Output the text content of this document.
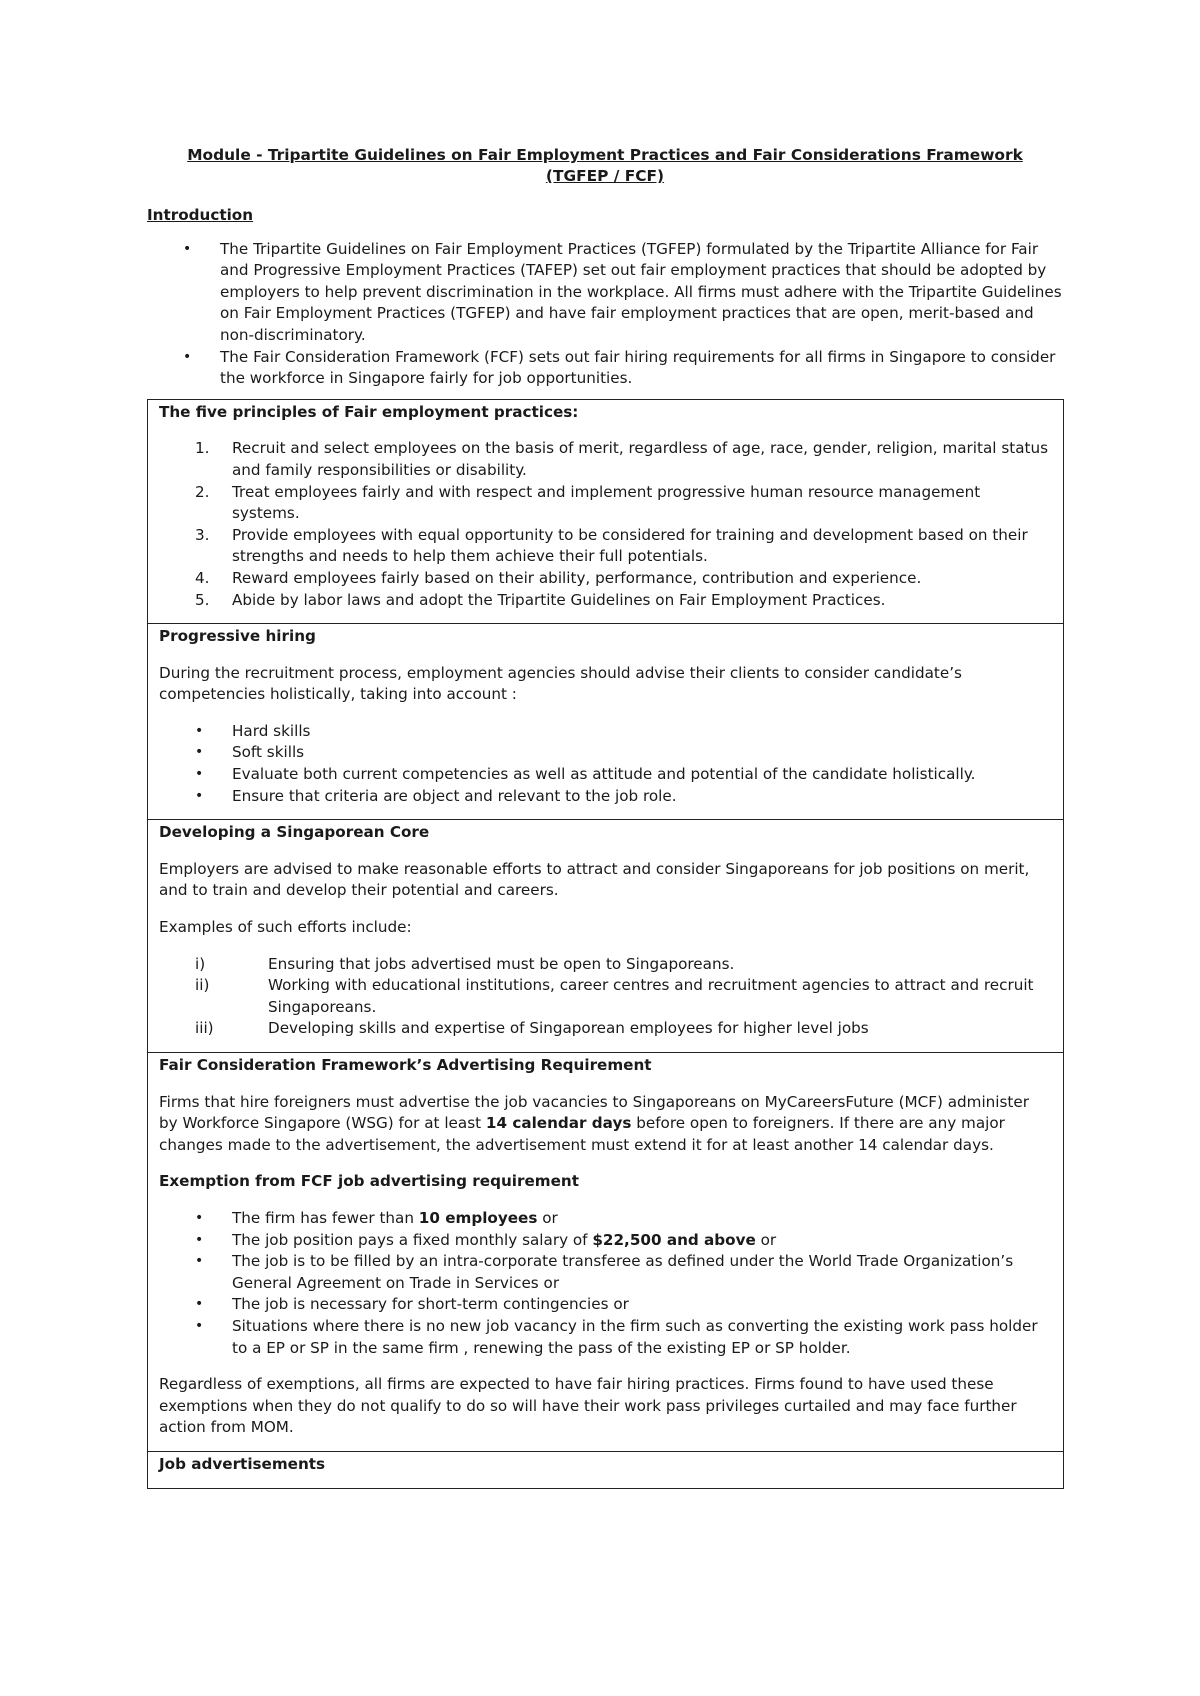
Module - Tripartite Guidelines on Fair Employment Practices and Fair Considerations Framework
(TGFEP / FCF)

Introduction
• The Tripartite Guidelines on Fair Employment Practices (TGFEP) formulated by the Tripartite Alliance for Fair and Progressive Employment Practices (TAFEP) set out fair employment practices that should be adopted by employers to help prevent discrimination in the workplace. All firms must adhere with the Tripartite Guidelines on Fair Employment Practices (TGFEP) and have fair employment practices that are open, merit-based and non-discriminatory.
• The Fair Consideration Framework (FCF) sets out fair hiring requirements for all firms in Singapore to consider the workforce in Singapore fairly for job opportunities.
The five principles of Fair employment practices:
1. Recruit and select employees on the basis of merit, regardless of age, race, gender, religion, marital status and family responsibilities or disability.
2. Treat employees fairly and with respect and implement progressive human resource management systems.
3. Provide employees with equal opportunity to be considered for training and development based on their strengths and needs to help them achieve their full potentials.
4. Reward employees fairly based on their ability, performance, contribution and experience.
5. Abide by labor laws and adopt the Tripartite Guidelines on Fair Employment Practices.

Progressive hiring

During the recruitment process, employment agencies should advise their clients to consider candidate’s competencies holistically, taking into account :

• Hard skills
• Soft skills
• Evaluate both current competencies as well as attitude and potential of the candidate holistically.
• Ensure that criteria are object and relevant to the job role.

Developing a Singaporean Core

Employers are advised to make reasonable efforts to attract and consider Singaporeans for job positions on merit, and to train and develop their potential and careers.

Examples of such efforts include:

i)	Ensuring that jobs advertised must be open to Singaporeans.
ii)	Working with educational institutions, career centres and recruitment agencies to attract and recruit Singaporeans.
iii)	Developing skills and expertise of Singaporean employees for higher level jobs

Fair Consideration Framework’s Advertising Requirement

Firms that hire foreigners must advertise the job vacancies to Singaporeans on MyCareersFuture (MCF) administer by Workforce Singapore (WSG) for at least 14 calendar days before open to foreigners. If there are any major changes made to the advertisement, the advertisement must extend it for at least another 14 calendar days.

Exemption from FCF job advertising requirement
• The firm has fewer than 10 employees or
• The job position pays a fixed monthly salary of $22,500 and above or
• The job is to be filled by an intra-corporate transferee as defined under the World Trade Organization’s General Agreement on Trade in Services or
• The job is necessary for short-term contingencies or
• Situations where there is no new job vacancy in the firm such as converting the existing work pass holder to a EP or SP in the same firm , renewing the pass of the existing EP or SP holder.

Regardless of exemptions, all firms are expected to have fair hiring practices. Firms found to have used these exemptions when they do not qualify to do so will have their work pass privileges curtailed and may face further action from MOM.

Job advertisements
